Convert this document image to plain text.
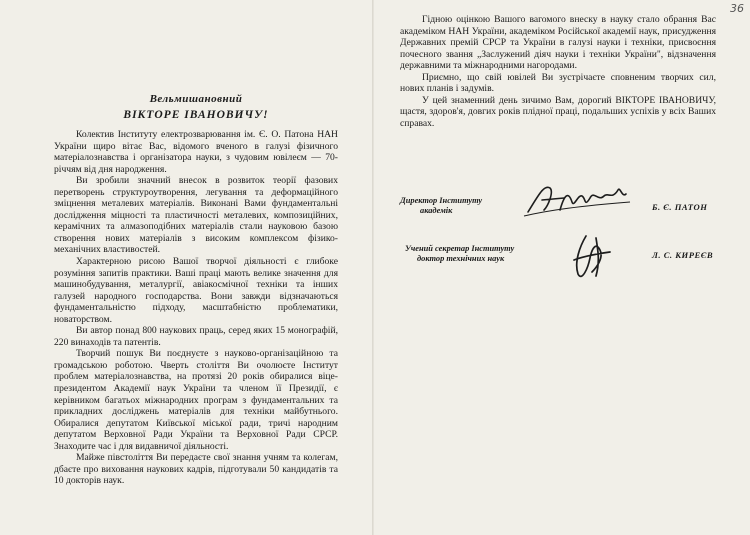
36
Вельмишановний
ВІКТОРЕ ІВАНОВИЧУ!

Колектив Інституту електрозварювання ім. Є. О. Патона НАН України щиро вітає Вас, відомого вченого в галузі фізичного матеріалознавства і організатора науки, з чудовим ювілеєм — 70-річчям від дня народження.

Ви зробили значний внесок в розвиток теорії фазових перетворень структуроутворення, легування та деформаційного зміцнення металевих матеріалів. Виконані Вами фундаментальні дослідження міцності та пластичності металевих, композиційних, керамічних та алмазоподібних матеріалів стали науковою базою створення нових матеріалів з високим комплексом фізико-механічних властивостей.

Характерною рисою Вашої творчої діяльності є глибоке розуміння запитів практики. Ваші праці мають велике значення для машинобудування, металургії, авіакосмічної техніки та інших галузей народного господарства. Вони завжди відзначаються фундаментальністю підходу, масштабністю проблематики, новаторством.

Ви автор понад 800 наукових праць, серед яких 15 монографій, 220 винаходів та патентів.

Творчий пошук Ви поєднуєте з науково-організаційною та громадською роботою. Чверть століття Ви очолюєте Інститут проблем матеріалознавства, на протязі 20 років обиралися віце-президентом Академії наук України та членом її Президії, є керівником багатьох міжнародних програм з фундаментальних та прикладних досліджень матеріалів для техніки майбутнього. Обиралися депутатом Київської міської ради, тричі народним депутатом Верховної Ради України та Верховної Ради СРСР. Знаходите час і для видавничої діяльності.

Майже півстоліття Ви передаєте свої знання учням та колегам, дбаєте про виховання наукових кадрів, підготували 50 кандидатів та 10 докторів наук.

Гідною оцінкою Вашого вагомого внеску в науку стало обрання Вас академіком НАН України, академіком Російської академії наук, присудження Державних премій СРСР та України в галузі науки і техніки, присвоєння почесного звання „Заслужений діяч науки і техніки України", відзначення державними та міжнародними нагородами.

Приємно, що свій ювілей Ви зустрічаєте сповненим творчих сил, нових планів і задумів.

У цей знаменний день зичимо Вам, дорогий ВІКТОРЕ ІВАНОВИЧУ, щастя, здоров'я, довгих років плідної праці, подальших успіхів у всіх Ваших справах.

Директор Інституту
академік	Б. Є. ПАТОН
Учений секретар Інституту
доктор технічних наук	Л. С. КИРЕЄВ
